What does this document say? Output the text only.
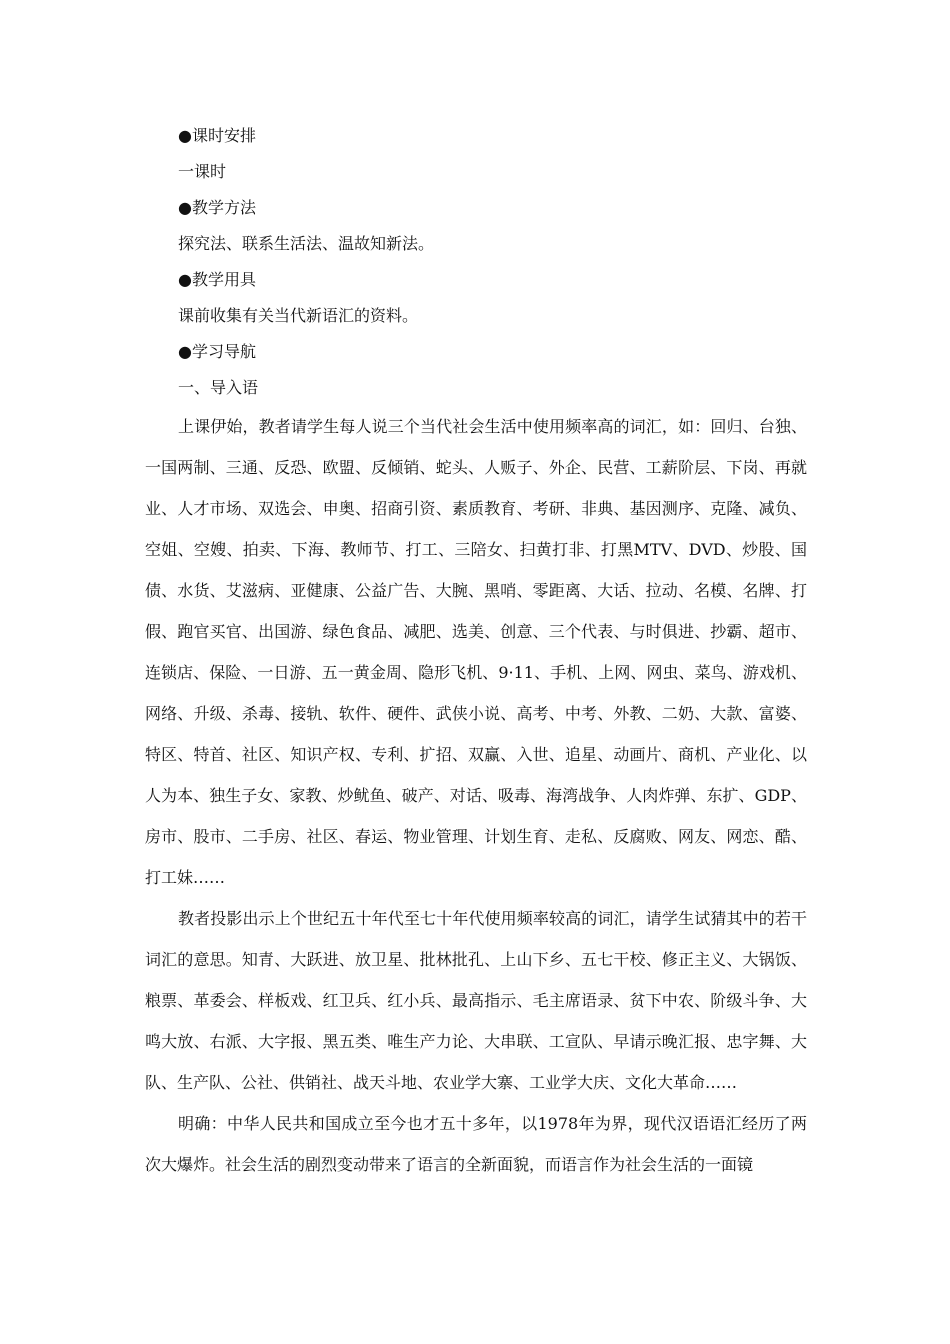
●课时安排
一课时
●教学方法
探究法、联系生活法、温故知新法。
●教学用具
课前收集有关当代新语汇的资料。
●学习导航
一、导入语

上课伊始，教者请学生每人说三个当代社会生活中使用频率高的词汇，如：回归、台独、一国两制、三通、反恐、欧盟、反倾销、蛇头、人贩子、外企、民营、工薪阶层、下岗、再就业、人才市场、双选会、申奥、招商引资、素质教育、考研、非典、基因测序、克隆、减负、空姐、空嫂、拍卖、下海、教师节、打工、三陪女、扫黄打非、打黑MTV、DVD、炒股、国债、水货、艾滋病、亚健康、公益广告、大腕、黑哨、零距离、大话、拉动、名模、名牌、打假、跑官买官、出国游、绿色食品、减肥、选美、创意、三个代表、与时俱进、抄霸、超市、连锁店、保险、一日游、五一黄金周、隐形飞机、9·11、手机、上网、网虫、菜鸟、游戏机、网络、升级、杀毒、接轨、软件、硬件、武侠小说、高考、中考、外教、二奶、大款、富婆、特区、特首、社区、知识产权、专利、扩招、双赢、入世、追星、动画片、商机、产业化、以人为本、独生子女、家教、炒鱿鱼、破产、对话、吸毒、海湾战争、人肉炸弹、东扩、GDP、房市、股市、二手房、社区、春运、物业管理、计划生育、走私、反腐败、网友、网恋、酷、打工妹……

教者投影出示上个世纪五十年代至七十年代使用频率较高的词汇，请学生试猜其中的若干词汇的意思。知青、大跃进、放卫星、批林批孔、上山下乡、五七干校、修正主义、大锅饭、粮票、革委会、样板戏、红卫兵、红小兵、最高指示、毛主席语录、贫下中农、阶级斗争、大鸣大放、右派、大字报、黑五类、唯生产力论、大串联、工宣队、早请示晚汇报、忠字舞、大队、生产队、公社、供销社、战天斗地、农业学大寨、工业学大庆、文化大革命……

明确：中华人民共和国成立至今也才五十多年，以1978年为界，现代汉语语汇经历了两次大爆炸。社会生活的剧烈变动带来了语言的全新面貌，而语言作为社会生活的一面镜
